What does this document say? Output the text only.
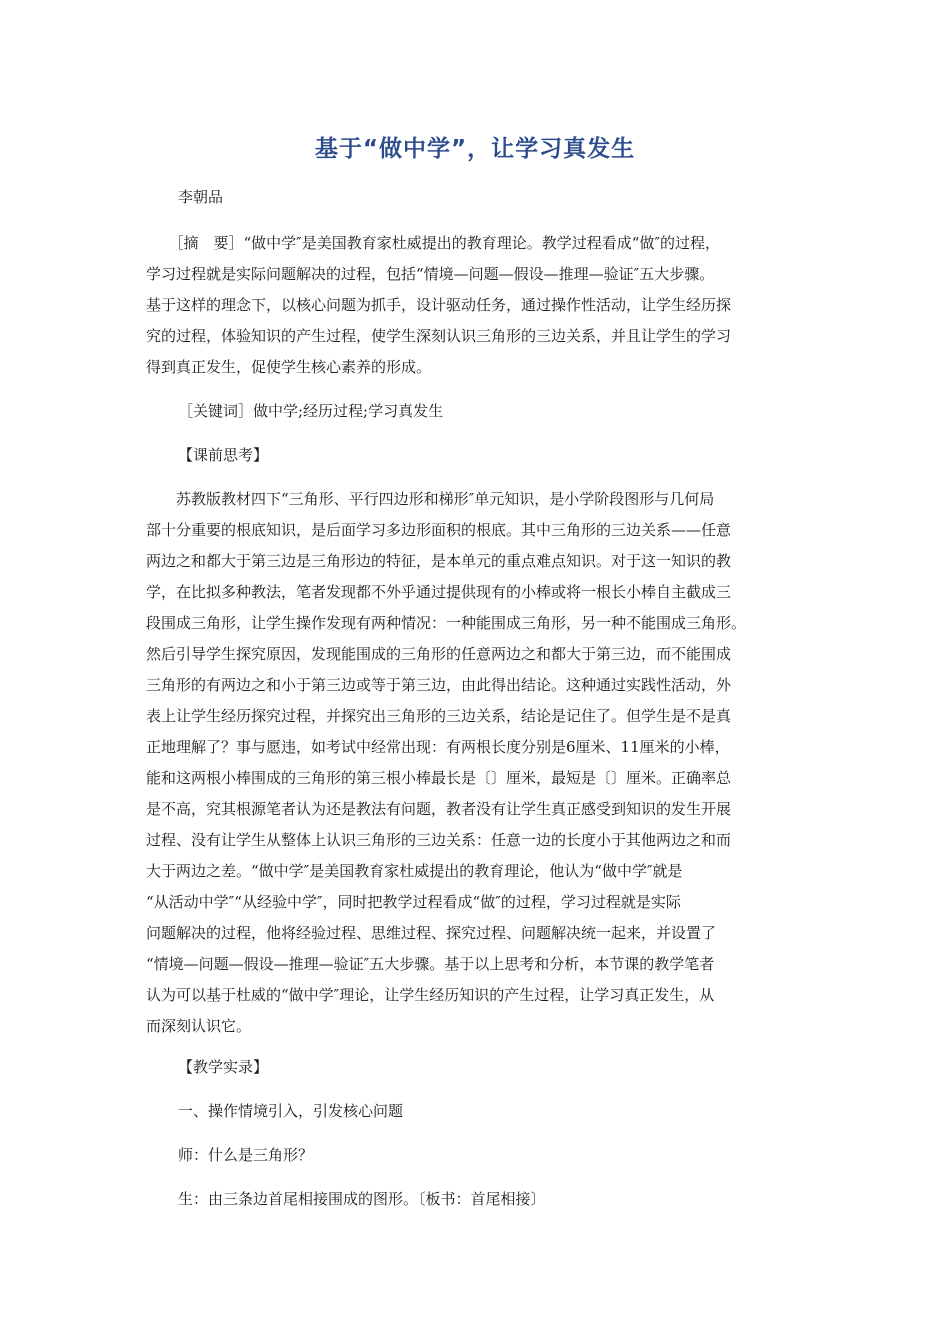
基于“做中学”，让学习真发生
李朝品
　　［摘　要］“做中学″是美国教育家杜威提出的教育理论。教学过程看成“做″的过程，
学习过程就是实际问题解决的过程，包括“情境—问题—假设—推理—验证″五大步骤。
基于这样的理念下，以核心问题为抓手，设计驱动任务，通过操作性活动，让学生经历探
究的过程，体验知识的产生过程，使学生深刻认识三角形的三边关系，并且让学生的学习
得到真正发生，促使学生核心素养的形成。
［关键词］做中学;经历过程;学习真发生
【课前思考】
　　苏教版教材四下“三角形、平行四边形和梯形″单元知识，是小学阶段图形与几何局
部十分重要的根底知识，是后面学习多边形面积的根底。其中三角形的三边关系——任意
两边之和都大于第三边是三角形边的特征，是本单元的重点难点知识。对于这一知识的教
学，在比拟多种教法，笔者发现都不外乎通过提供现有的小棒或将一根长小棒自主截成三
段围成三角形，让学生操作发现有两种情况：一种能围成三角形，另一种不能围成三角形。
然后引导学生探究原因，发现能围成的三角形的任意两边之和都大于第三边，而不能围成
三角形的有两边之和小于第三边或等于第三边，由此得出结论。这种通过实践性活动，外
表上让学生经历探究过程，并探究出三角形的三边关系，结论是记住了。但学生是不是真
正地理解了？事与愿违，如考试中经常出现：有两根长度分别是6厘米、11厘米的小棒，
能和这两根小棒围成的三角形的第三根小棒最长是〔〕厘米，最短是〔〕厘米。正确率总
是不高，究其根源笔者认为还是教法有问题，教者没有让学生真正感受到知识的发生开展
过程、没有让学生从整体上认识三角形的三边关系：任意一边的长度小于其他两边之和而
大于两边之差。“做中学″是美国教育家杜威提出的教育理论，他认为“做中学″就是
“从活动中学″“从经验中学″，同时把教学过程看成“做″的过程，学习过程就是实际
问题解决的过程，他将经验过程、思维过程、探究过程、问题解决统一起来，并设置了
“情境—问题—假设—推理—验证″五大步骤。基于以上思考和分析，本节课的教学笔者
认为可以基于杜威的“做中学″理论，让学生经历知识的产生过程，让学习真正发生，从
而深刻认识它。
【教学实录】
一、操作情境引入，引发核心问题
师：什么是三角形？
生：由三条边首尾相接围成的图形。〔板书：首尾相接〕
